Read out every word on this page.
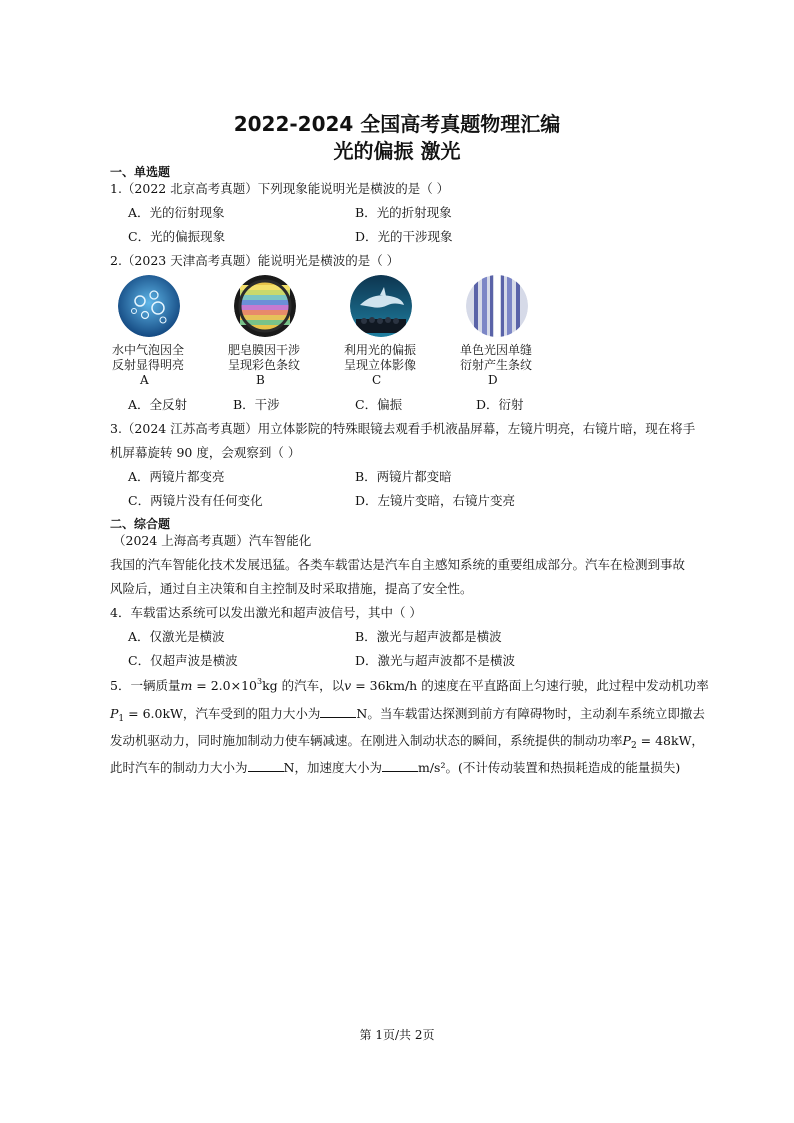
2022-2024 全国高考真题物理汇编
光的偏振 激光
一、单选题
1.（2022 北京高考真题）下列现象能说明光是横波的是（ ）
A．光的衍射现象	B．光的折射现象
C．光的偏振现象	D．光的干涉现象
2.（2023 天津高考真题）能说明光是横波的是（ ）
水中气泡因全
反射显得明亮
A
肥皂膜因干涉
呈现彩色条纹
B
利用光的偏振
呈现立体影像
C
单色光因单缝
衍射产生条纹
D
A．全反射	B．干涉	C．偏振	D．衍射
3.（2024 江苏高考真题）用立体影院的特殊眼镜去观看手机液晶屏幕，左镜片明亮，右镜片暗，现在将手
机屏幕旋转 90 度，会观察到（ ）
A．两镜片都变亮	B．两镜片都变暗
C．两镜片没有任何变化	D．左镜片变暗，右镜片变亮
二、综合题
（2024 上海高考真题）汽车智能化
我国的汽车智能化技术发展迅猛。各类车载雷达是汽车自主感知系统的重要组成部分。汽车在检测到事故
风险后，通过自主决策和自主控制及时采取措施，提高了安全性。
4．车载雷达系统可以发出激光和超声波信号，其中（ ）
A．仅激光是横波	B．激光与超声波都是横波
C．仅超声波是横波	D．激光与超声波都不是横波
5．一辆质量$m = 2.0\times 10^3kg$ 的汽车，以v = 36km/h 的速度在平直路面上匀速行驶，此过程中发动机功率
$P_1 = 6.0kW$，汽车受到的阻力大小为	N。当车载雷达探测到前方有障碍物时，主动刹车系统立即撤去
发动机驱动力，同时施加制动力使车辆减速。在刚进入制动状态的瞬间，系统提供的制动功率$P_2 = 48kW$，
此时汽车的制动力大小为	N，加速度大小为	m/s²。(不计传动装置和热损耗造成的能量损失)
第 1页/共 2页
